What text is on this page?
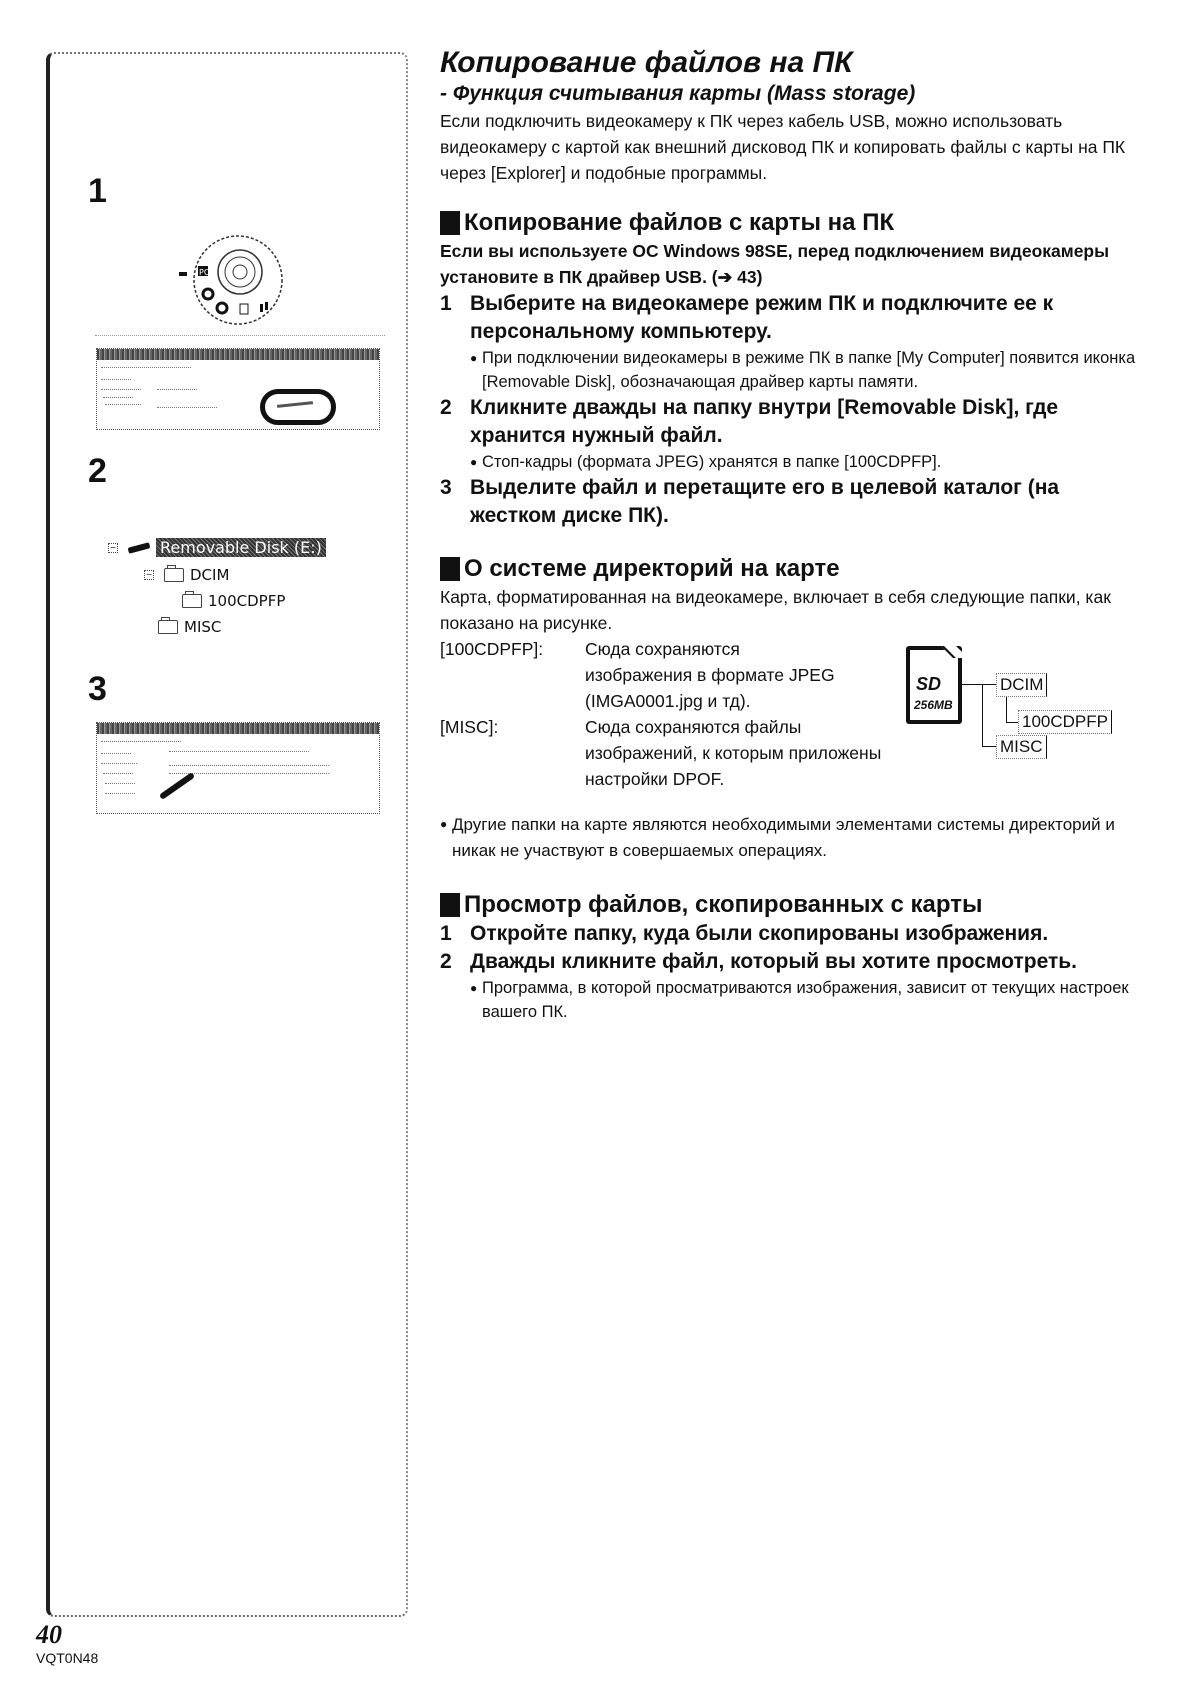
1
PC
2
−	Removable Disk (E:)
−	DCIM
100CDPFP
MISC
3
Копирование файлов на ПК
- Функция считывания карты (Mass storage)

Если подключить видеокамеру к ПК через кабель USB, можно использовать видеокамеру с картой как внешний дисковод ПК и копировать файлы с карты на ПК через [Explorer] и подобные программы.

Копирование файлов с карты на ПК

Если вы используете ОС Windows 98SE, перед подключением видеокамеры установите в ПК драйвер USB. (➔ 43)

1 Выберите на видеокамере режим ПК и подключите ее к персональному компьютеру.
● При подключении видеокамеры в режиме ПК в папке [My Computer] появится иконка [Removable Disk], обозначающая драйвер карты памяти.
2 Кликните дважды на папку внутри [Removable Disk], где хранится нужный файл.
● Стоп-кадры (формата JPEG) хранятся в папке [100CDPFP].
3 Выделите файл и перетащите его в целевой каталог (на жестком диске ПК).
О системе директорий на карте

Карта, форматированная на видеокамере, включает в себя следующие папки, как показано на рисунке.

[100CDPFP]:	Сюда сохраняются изображения в формате JPEG (IMGA0001.jpg и тд).
[MISC]:	Сюда сохраняются файлы изображений, к которым приложены настройки DPOF.
SD
256MB
DCIM
100CDPFP
MISC
● Другие папки на карте являются необходимыми элементами системы директорий и никак не участвуют в совершаемых операциях.
Просмотр файлов, скопированных с карты
1 Откройте папку, куда были скопированы изображения.
2 Дважды кликните файл, который вы хотите просмотреть.
● Программа, в которой просматриваются изображения, зависит от текущих настроек вашего ПК.
40
VQT0N48
